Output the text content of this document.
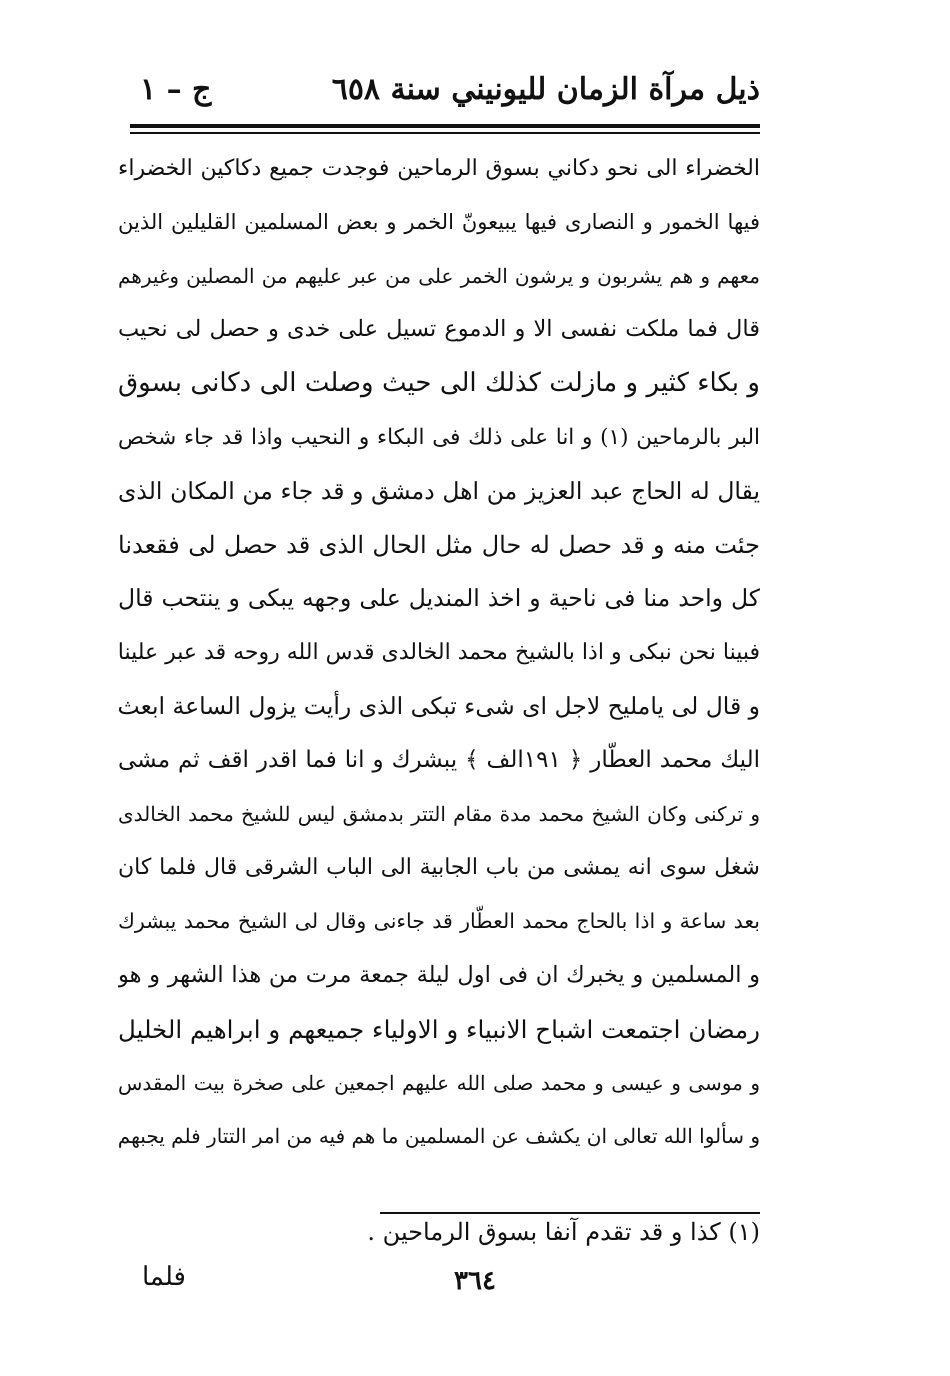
ذيل مرآة الزمان لليونيني سنة ٦٥٨
ج – ١
الخضراء الى نحو دكاني بسوق الرماحين فوجدت جميع دكاكين الخضراء
فيها الخمور و النصارى فيها يبيعونّ الخمر و بعض المسلمين القليلين الذين
معهم و هم يشربون و يرشون الخمر على من عبر عليهم من المصلين وغيرهم
قال فما ملكت نفسى الا و الدموع تسيل على خدى و حصل لى نحيب
و بكاء كثير و مازلت كذلك الى حيث وصلت الى دكانى بسوق
البر بالرماحين (١) و انا على ذلك فى البكاء و النحيب واذا قد جاء شخص
يقال له الحاج عبد العزيز من اهل دمشق و قد جاء من المكان الذى
جئت منه و قد حصل له حال مثل الحال الذى قد حصل لى فقعدنا
كل واحد منا فى ناحية و اخذ المنديل على وجهه يبكى و ينتحب قال
فبينا نحن نبكى و اذا بالشيخ محمد الخالدى قدس الله روحه قد عبر علينا
و قال لى يامليح لاجل اى شىء تبكى الذى رأيت يزول الساعة ابعث
اليك محمد العطّار ﴿ ١٩١الف ﴾ يبشرك و انا فما اقدر اقف ثم مشى
و تركنى وكان الشيخ محمد مدة مقام التتر بدمشق ليس للشيخ محمد الخالدى
شغل سوى انه يمشى من باب الجابية الى الباب الشرقى قال فلما كان
بعد ساعة و اذا بالحاج محمد العطّار قد جاءنى وقال لى الشيخ محمد يبشرك
و المسلمين و يخبرك ان فى اول ليلة جمعة مرت من هذا الشهر و هو
رمضان اجتمعت اشباح الانبياء و الاولياء جميعهم و ابراهيم الخليل
و موسى و عيسى و محمد صلى الله عليهم اجمعين على صخرة بيت المقدس
و سألوا الله تعالى ان يكشف عن المسلمين ما هم فيه من امر التتار فلم يجبهم
(١) كذا و قد تقدم آنفا بسوق الرماحين .
٣٦٤
فلما
